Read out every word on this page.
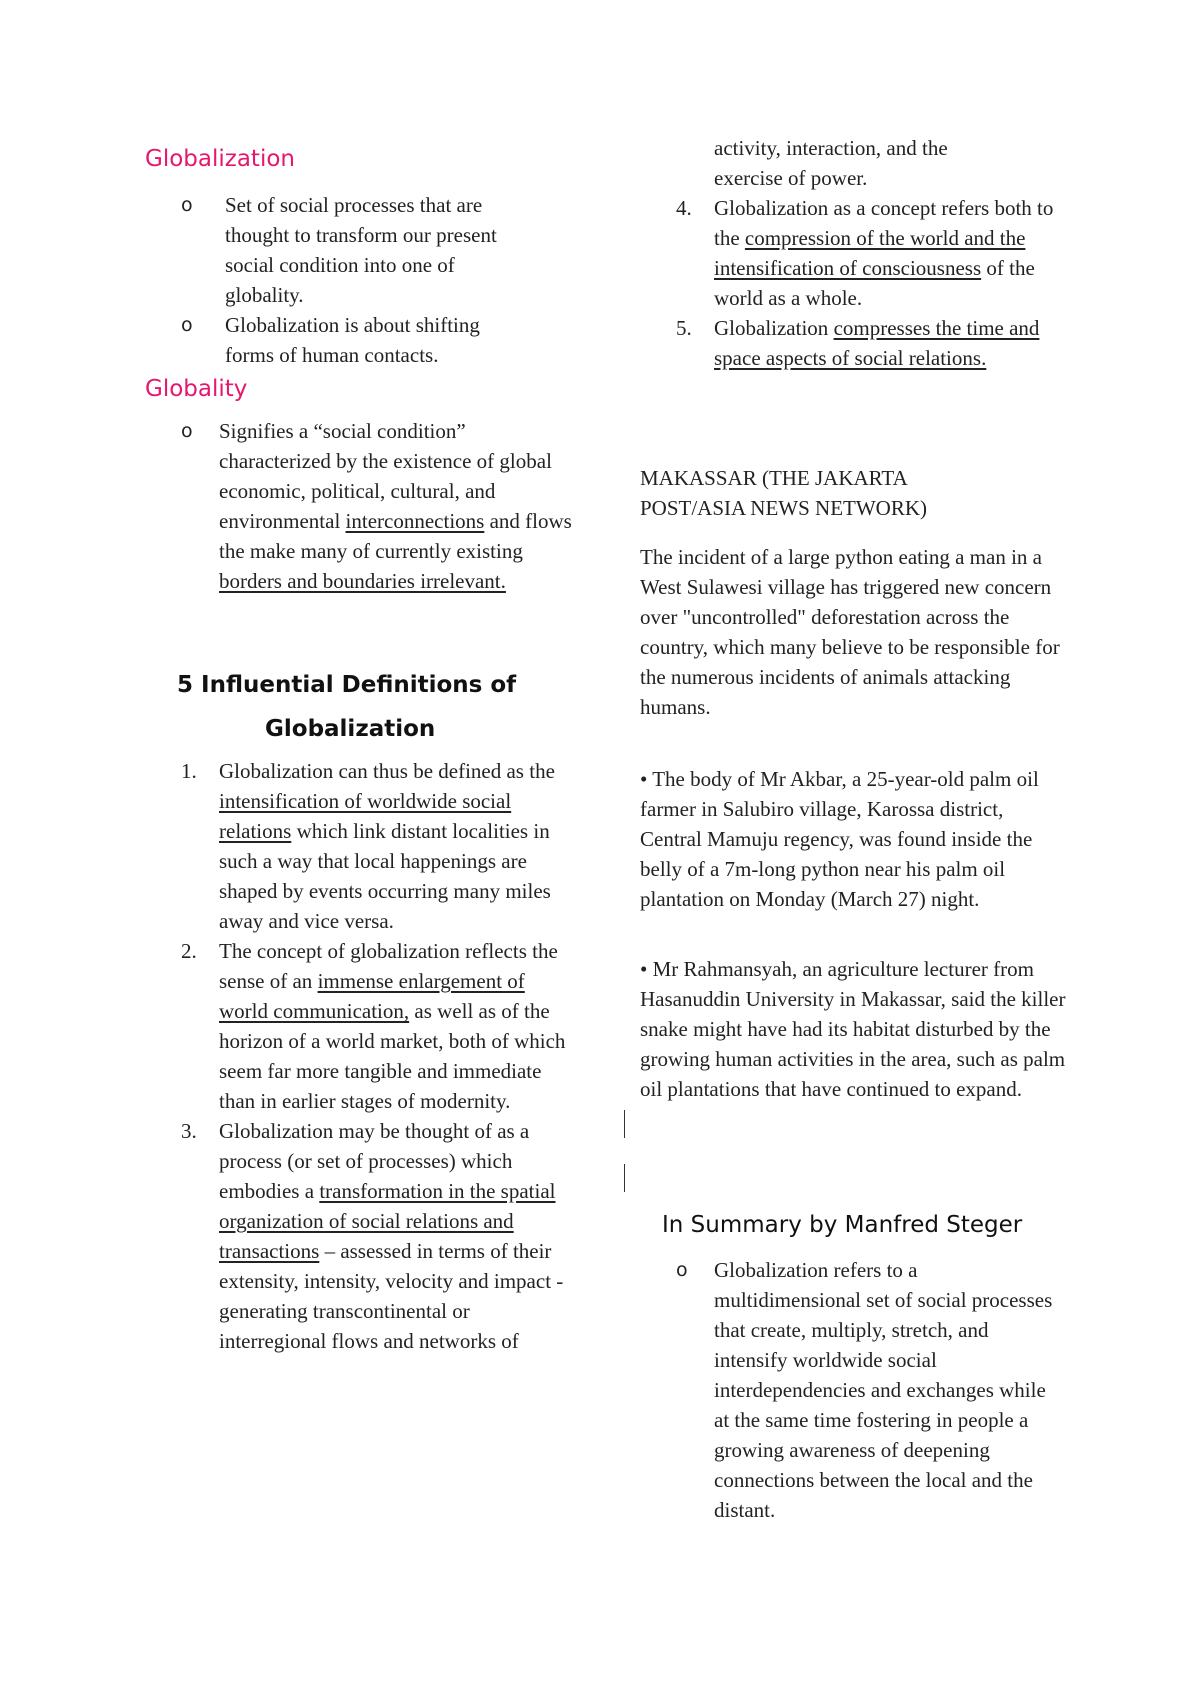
Globalization
o Set of social processes that are thought to transform our present social condition into one of globality.
o Globalization is about shifting forms of human contacts.
Globality
o Signifies a “social condition” characterized by the existence of global economic, political, cultural, and environmental interconnections and flows the make many of currently existing borders and boundaries irrelevant.
5 Influential Definitions of
Globalization
1. Globalization can thus be defined as the intensification of worldwide social relations which link distant localities in such a way that local happenings are shaped by events occurring many miles away and vice versa.
2. The concept of globalization reflects the sense of an immense enlargement of world communication, as well as of the horizon of a world market, both of which seem far more tangible and immediate than in earlier stages of modernity.
3. Globalization may be thought of as a process (or set of processes) which embodies a transformation in the spatial organization of social relations and transactions – assessed in terms of their extensity, intensity, velocity and impact - generating transcontinental or interregional flows and networks of

activity, interaction, and the exercise of power.

4. Globalization as a concept refers both to the compression of the world and the intensification of consciousness of the world as a whole.
5. Globalization compresses the time and space aspects of social relations.

MAKASSAR (THE JAKARTA POST/ASIA NEWS NETWORK)

The incident of a large python eating a man in a West Sulawesi village has triggered new concern over "uncontrolled" deforestation across the country, which many believe to be responsible for the numerous incidents of animals attacking humans.

• The body of Mr Akbar, a 25-year-old palm oil farmer in Salubiro village, Karossa district, Central Mamuju regency, was found inside the belly of a 7m-long python near his palm oil plantation on Monday (March 27) night.

• Mr Rahmansyah, an agriculture lecturer from Hasanuddin University in Makassar, said the killer snake might have had its habitat disturbed by the growing human activities in the area, such as palm oil plantations that have continued to expand.

In Summary by Manfred Steger
o Globalization refers to a multidimensional set of social processes that create, multiply, stretch, and intensify worldwide social interdependencies and exchanges while at the same time fostering in people a growing awareness of deepening connections between the local and the distant.
